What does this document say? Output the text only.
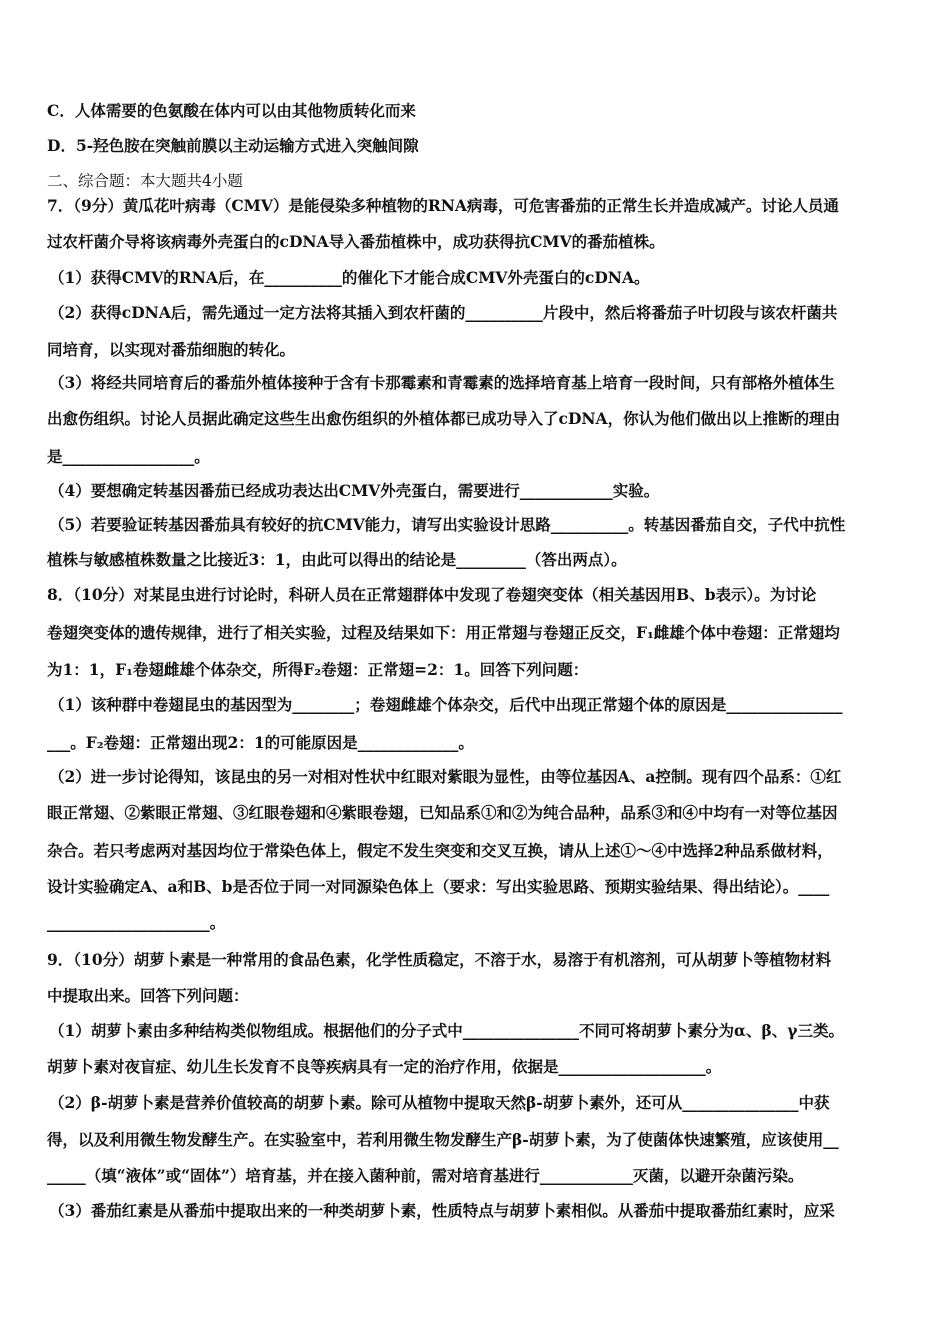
C．人体需要的色氨酸在体内可以由其他物质转化而来
D．5-羟色胺在突触前膜以主动运输方式进入突触间隙
二、综合题：本大题共4小题
7．（9分）黄瓜花叶病毒（CMV）是能侵染多种植物的RNA病毒，可危害番茄的正常生长并造成减产。讨论人员通
过农杆菌介导将该病毒外壳蛋白的cDNA导入番茄植株中，成功获得抗CMV的番茄植株。
（1）获得CMV的RNA后，在__________的催化下才能合成CMV外壳蛋白的cDNA。
（2）获得cDNA后，需先通过一定方法将其插入到农杆菌的__________片段中，然后将番茄子叶切段与该农杆菌共
同培育，以实现对番茄细胞的转化。
（3）将经共同培育后的番茄外植体接种于含有卡那霉素和青霉素的选择培育基上培育一段时间，只有部格外植体生
出愈伤组织。讨论人员据此确定这些生出愈伤组织的外植体都已成功导入了cDNA，你认为他们做出以上推断的理由
是_________________。
（4）要想确定转基因番茄已经成功表达出CMV外壳蛋白，需要进行____________实验。
（5）若要验证转基因番茄具有较好的抗CMV能力，请写出实验设计思路__________。转基因番茄自交，子代中抗性
植株与敏感植株数量之比接近3：1，由此可以得出的结论是_________（答出两点）。
8．（10分）对某昆虫进行讨论时，科研人员在正常翅群体中发现了卷翅突变体（相关基因用B、b表示）。为讨论
卷翅突变体的遗传规律，进行了相关实验，过程及结果如下：用正常翅与卷翅正反交，F₁雌雄个体中卷翅：正常翅均
为1：1，F₁卷翅雌雄个体杂交，所得F₂卷翅：正常翅=2：1。回答下列问题：
（1）该种群中卷翅昆虫的基因型为________；卷翅雌雄个体杂交，后代中出现正常翅个体的原因是_______________
___。F₂卷翅：正常翅出现2：1的可能原因是_____________。
（2）进一步讨论得知，该昆虫的另一对相对性状中红眼对紫眼为显性，由等位基因A、a控制。现有四个品系：①红
眼正常翅、②紫眼正常翅、③红眼卷翅和④紫眼卷翅，已知品系①和②为纯合品种，品系③和④中均有一对等位基因
杂合。若只考虑两对基因均位于常染色体上，假定不发生突变和交叉互换，请从上述①～④中选择2种品系做材料，
设计实验确定A、a和B、b是否位于同一对同源染色体上（要求：写出实验思路、预期实验结果、得出结论）。____
_____________________。
9．（10分）胡萝卜素是一种常用的食品色素，化学性质稳定，不溶于水，易溶于有机溶剂，可从胡萝卜等植物材料
中提取出来。回答下列问题：
（1）胡萝卜素由多种结构类似物组成。根据他们的分子式中_______________不同可将胡萝卜素分为α、β、γ三类。
胡萝卜素对夜盲症、幼儿生长发育不良等疾病具有一定的治疗作用，依据是___________________。
（2）β-胡萝卜素是营养价值较高的胡萝卜素。除可从植物中提取天然β-胡萝卜素外，还可从_______________中获
得，以及利用微生物发酵生产。在实验室中，若利用微生物发酵生产β-胡萝卜素，为了使菌体快速繁殖，应该使用__
_____（填“液体”或“固体”）培育基，并在接入菌种前，需对培育基进行____________灭菌，以避开杂菌污染。
（3）番茄红素是从番茄中提取出来的一种类胡萝卜素，性质特点与胡萝卜素相似。从番茄中提取番茄红素时，应采
